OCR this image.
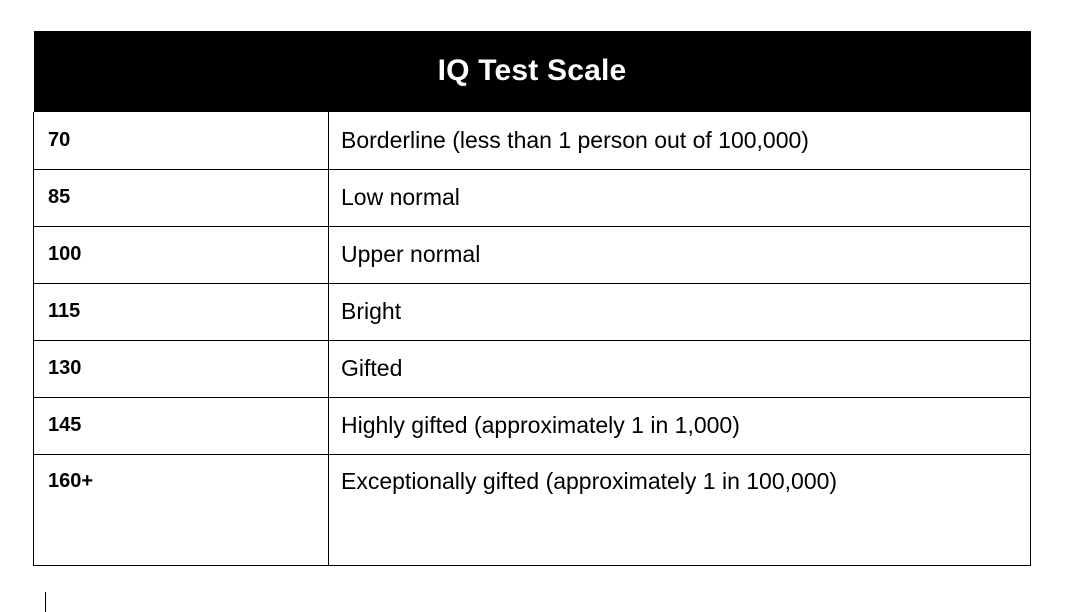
IQ Test Scale	
70	Borderline (less than 1 person out of 100,000)
85	Low normal
100	Upper normal
115	Bright
130	Gifted
145	Highly gifted (approximately 1 in 1,000)
160+	Exceptionally gifted (approximately 1 in 100,000)
